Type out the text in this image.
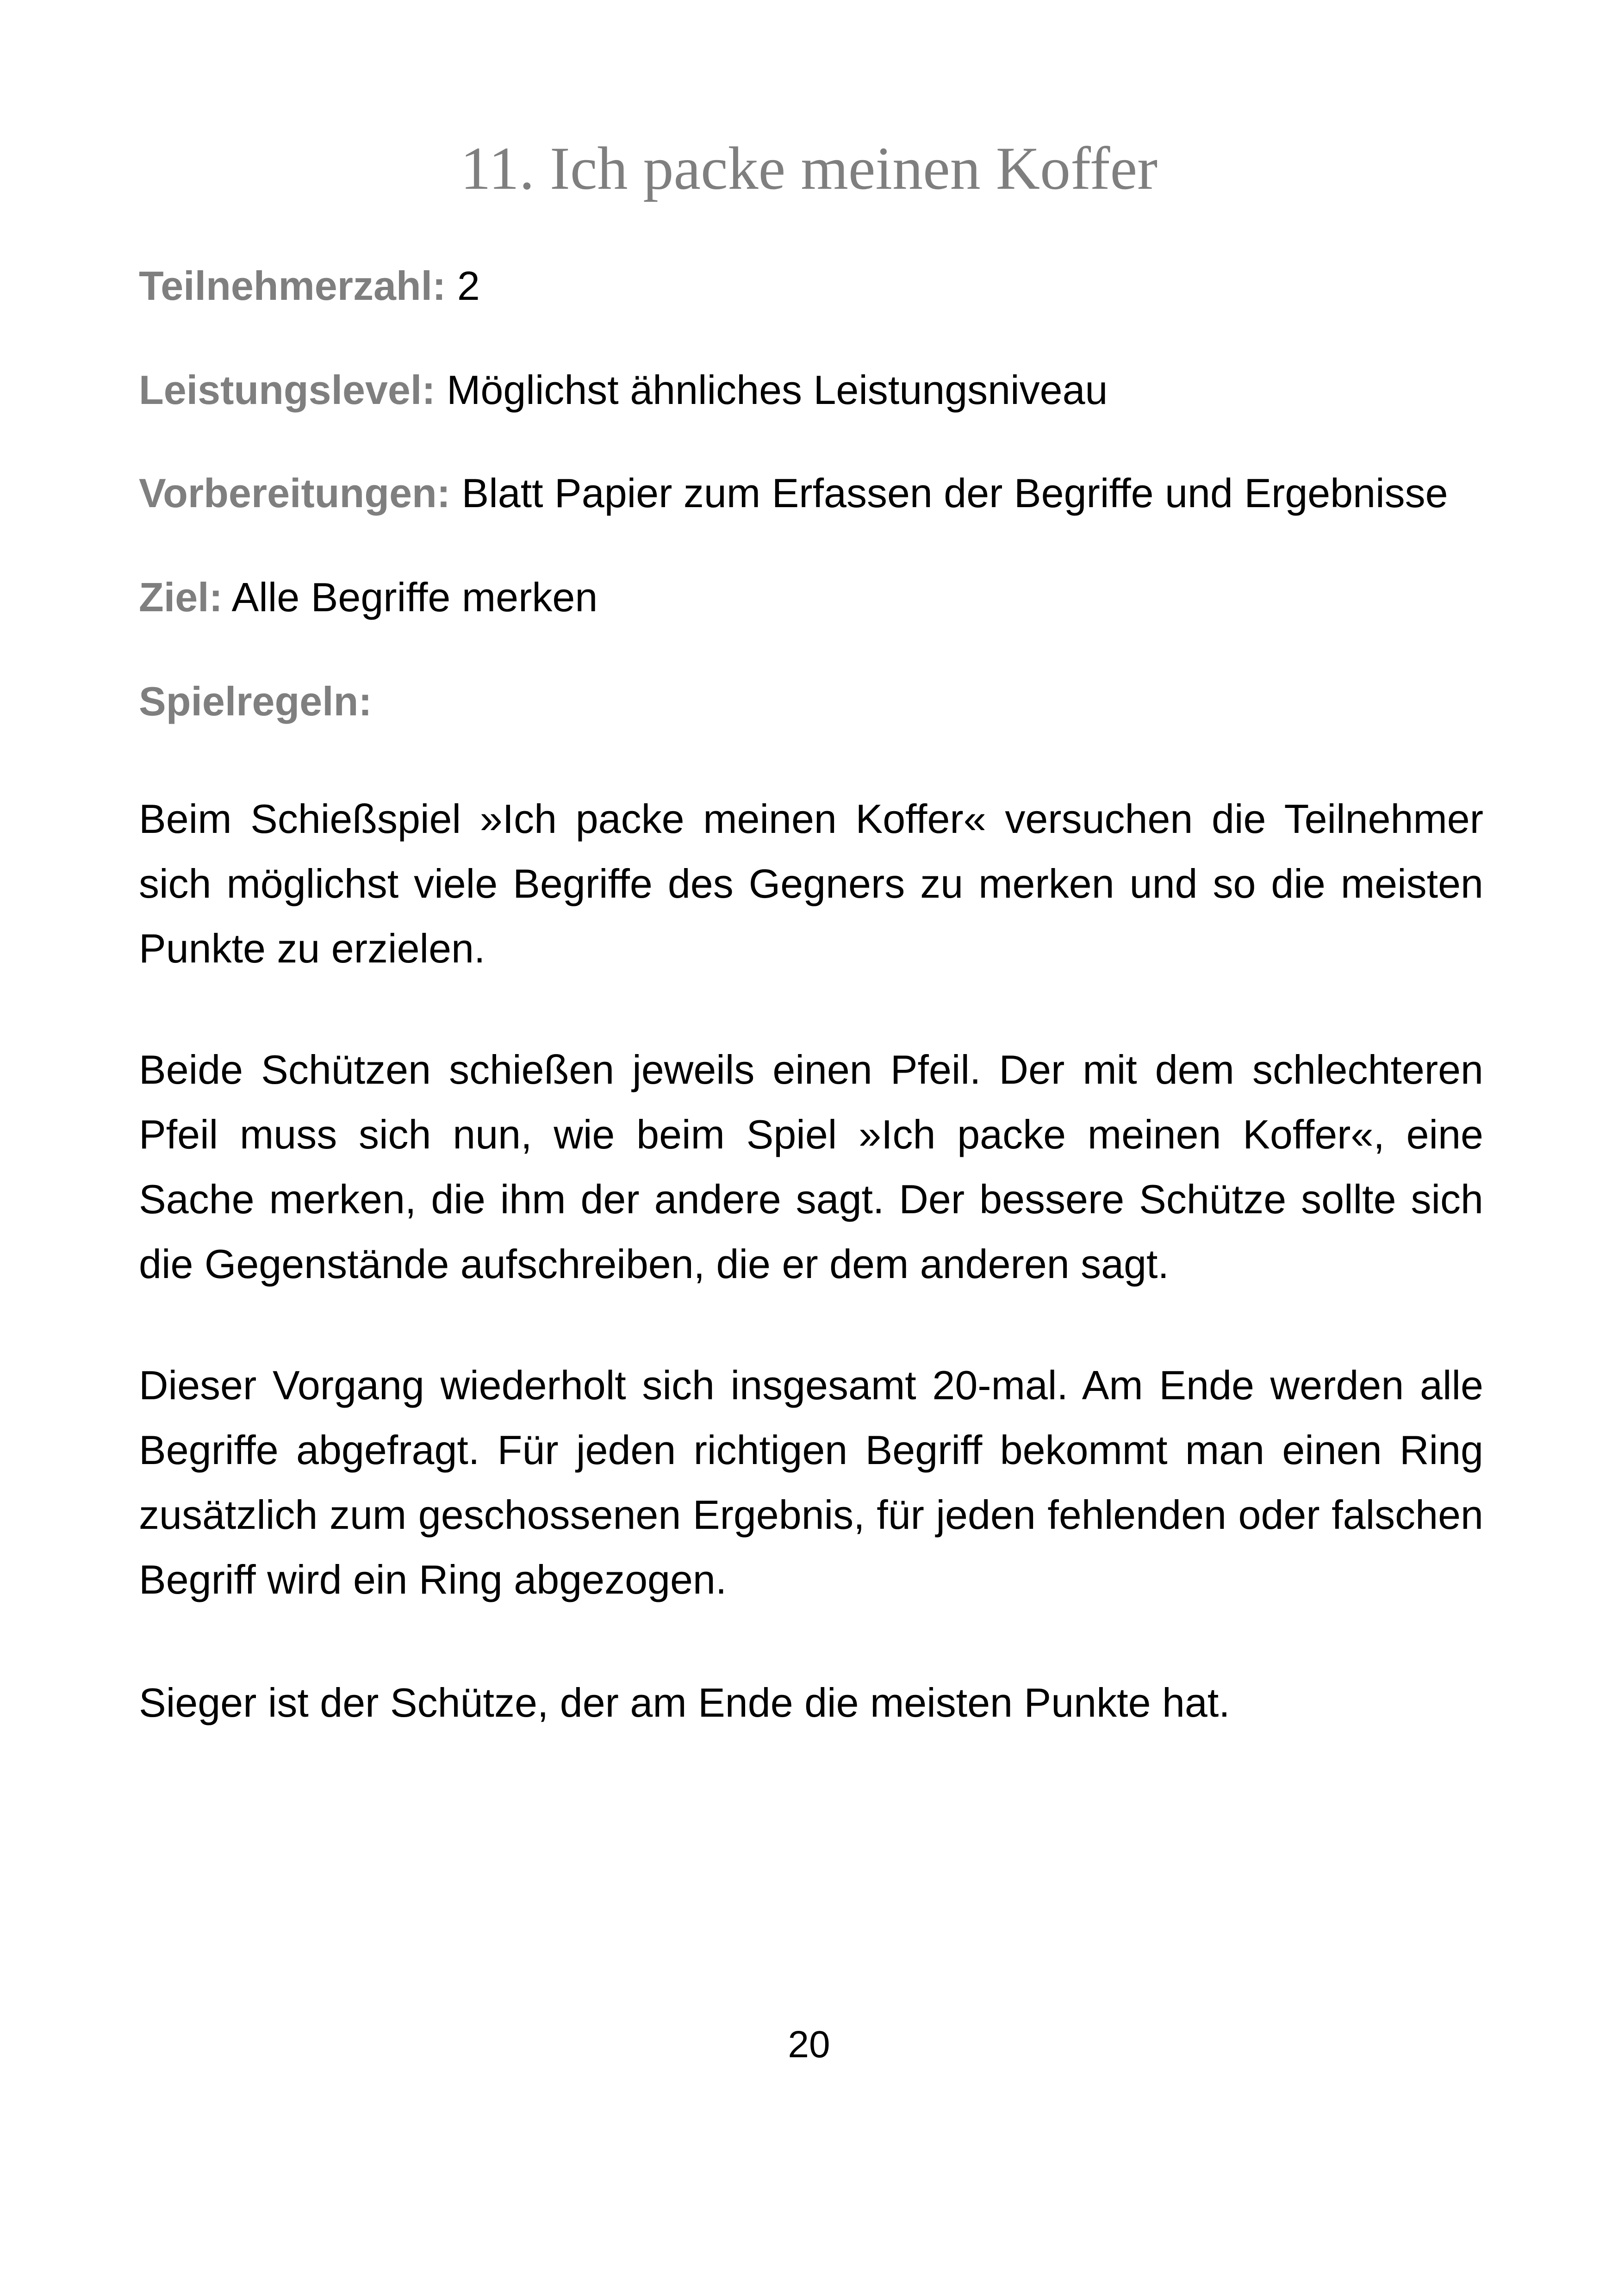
11. Ich packe meinen Koffer

Teilnehmerzahl: 2

Leistungslevel: Möglichst ähnliches Leistungsniveau

Vorbereitungen: Blatt Papier zum Erfassen der Begriffe und Ergebnisse

Ziel: Alle Begriffe merken

Spielregeln:

Beim Schießspiel »Ich packe meinen Koffer« versuchen die Teilnehmer sich möglichst viele Begriffe des Gegners zu merken und so die meisten Punkte zu erzielen.

Beide Schützen schießen jeweils einen Pfeil. Der mit dem schlechteren Pfeil muss sich nun, wie beim Spiel »Ich packe meinen Koffer«, eine Sache merken, die ihm der andere sagt. Der bessere Schütze sollte sich die Gegenstände aufschreiben, die er dem anderen sagt.

Dieser Vorgang wiederholt sich insgesamt 20-mal. Am Ende werden alle Begriffe abgefragt. Für jeden richtigen Begriff bekommt man einen Ring zusätzlich zum geschossenen Ergebnis, für jeden fehlenden oder falschen Begriff wird ein Ring abgezogen.

Sieger ist der Schütze, der am Ende die meisten Punkte hat.

20
